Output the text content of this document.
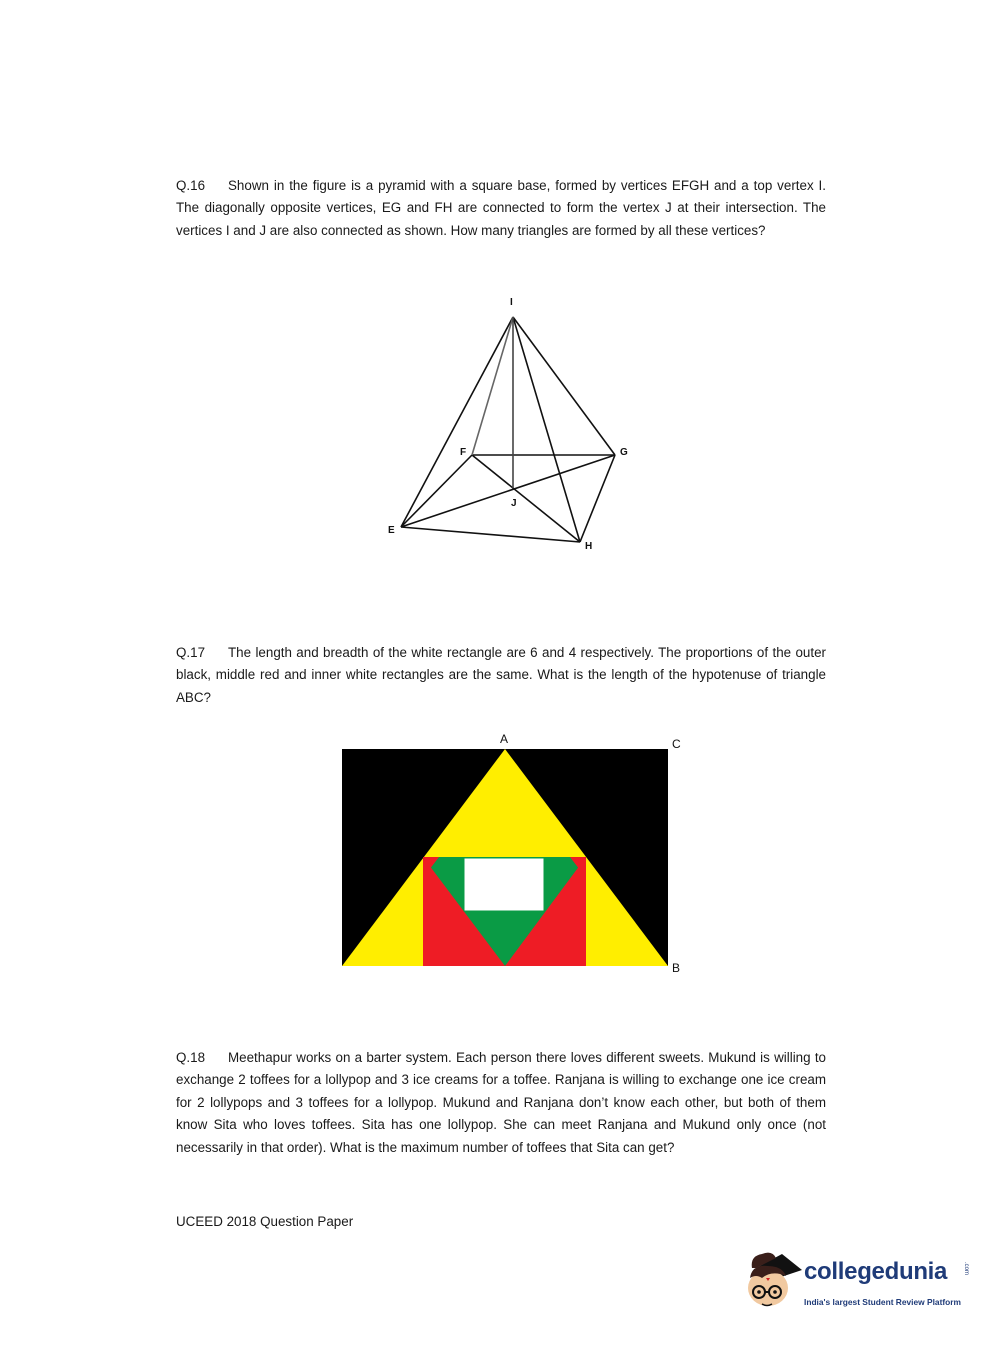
Q.16 Shown in the figure is a pyramid with a square base, formed by vertices EFGH and a top vertex I. The diagonally opposite vertices, EG and FH are connected to form the vertex J at their intersection. The vertices I and J are also connected as shown. How many triangles are formed by all these vertices?
I
F	G
J
E
H
Q.17 The length and breadth of the white rectangle are 6 and 4 respectively. The proportions of the outer black, middle red and inner white rectangles are the same. What is the length of the hypotenuse of triangle ABC?
A	C
B
Q.18 Meethapur works on a barter system. Each person there loves different sweets. Mukund is willing to exchange 2 toffees for a lollypop and 3 ice creams for a toffee. Ranjana is willing to exchange one ice cream for 2 lollypops and 3 toffees for a lollypop. Mukund and Ranjana don’t know each other, but both of them know Sita who loves toffees. Sita has one lollypop. She can meet Ranjana and Mukund only once (not necessarily in that order). What is the maximum number of toffees that Sita can get?
UCEED 2018 Question Paper
collegedunia	.com
India's largest Student Review Platform
